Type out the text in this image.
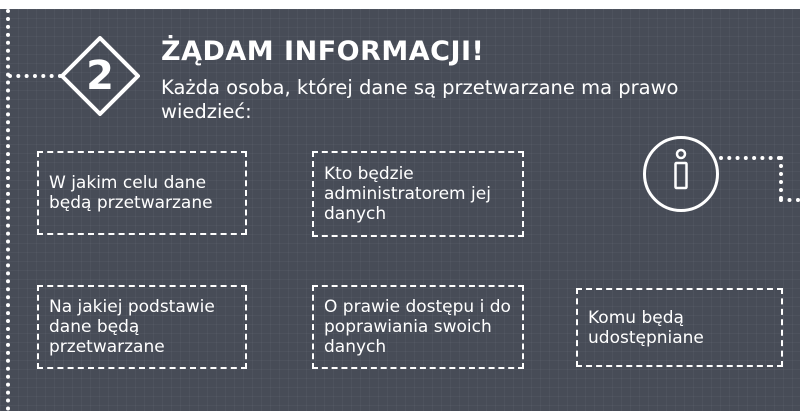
2
ŻĄDAM INFORMACJI!
Każda osoba, której dane są przetwarzane ma prawo wiedzieć:
W jakim celu dane będą przetwarzane
Kto będzie administratorem jej danych
Na jakiej podstawie dane będą przetwarzane
O prawie dostępu i do poprawiania swoich danych
Komu będą udostępniane
